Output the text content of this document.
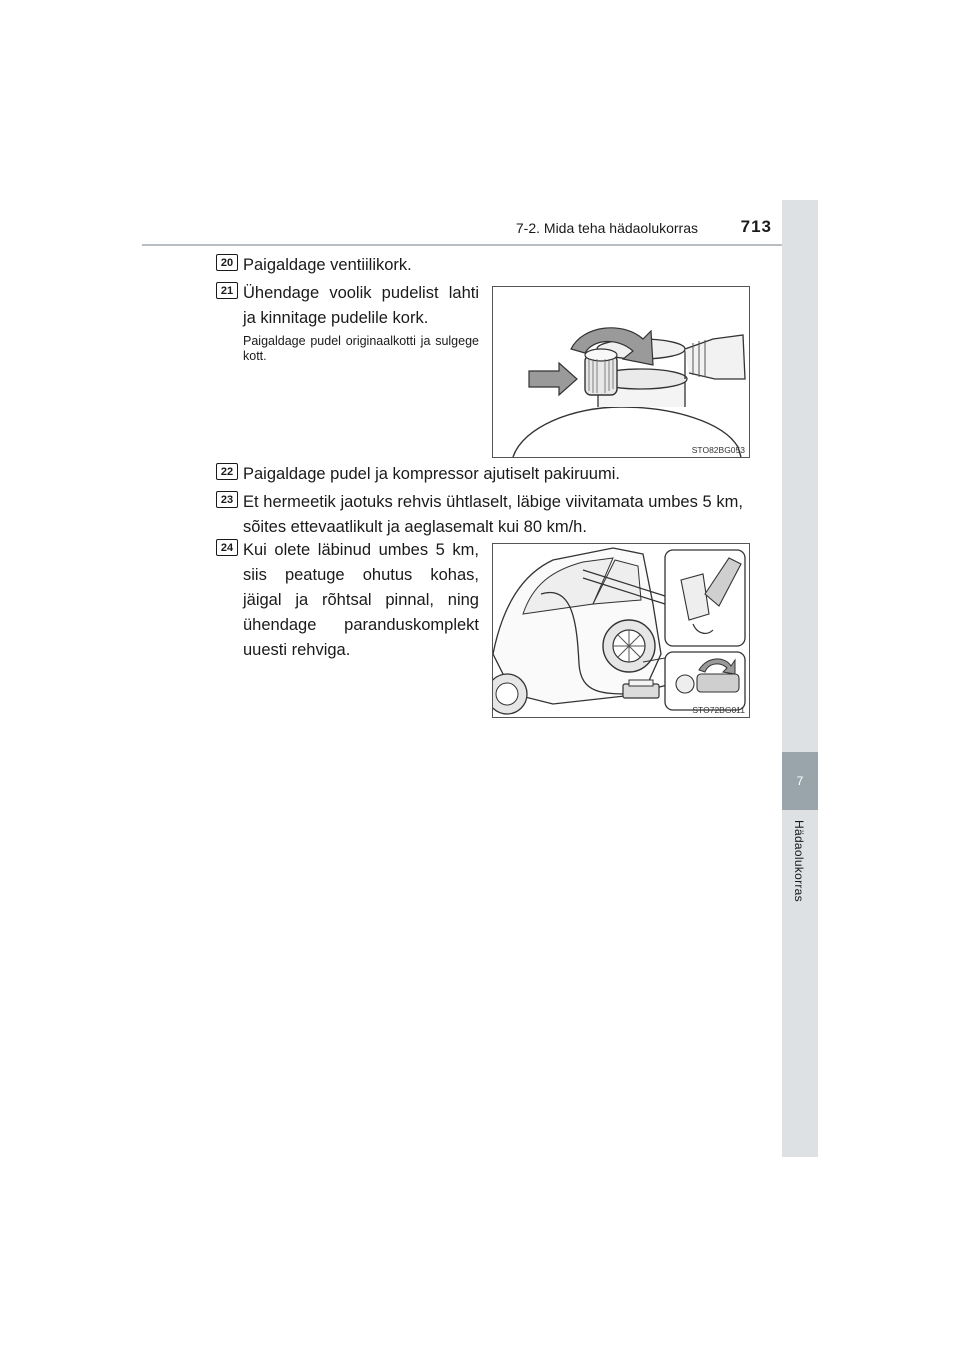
7-2. Mida teha hädaolukorras	713
7
Hädaolukorras
20 Paigaldage ventiilikork.
21 Ühendage voolik pudelist lahti
ja kinnitage pudelile kork.
Paigaldage pudel originaalkotti ja sulgege kott.
STO82BG053
22 Paigaldage pudel ja kompressor ajutiselt pakiruumi.
23 Et hermeetik jaotuks rehvis ühtlaselt, läbige viivitamata umbes 5 km, sõites ettevaatlikult ja aeglasemalt kui 80 km/h.
24 Kui olete läbinud umbes 5 km, siis peatuge ohutus kohas, jäigal ja rõhtsal pinnal, ning ühendage paranduskomplekt uuesti rehviga.
STO72BG011
